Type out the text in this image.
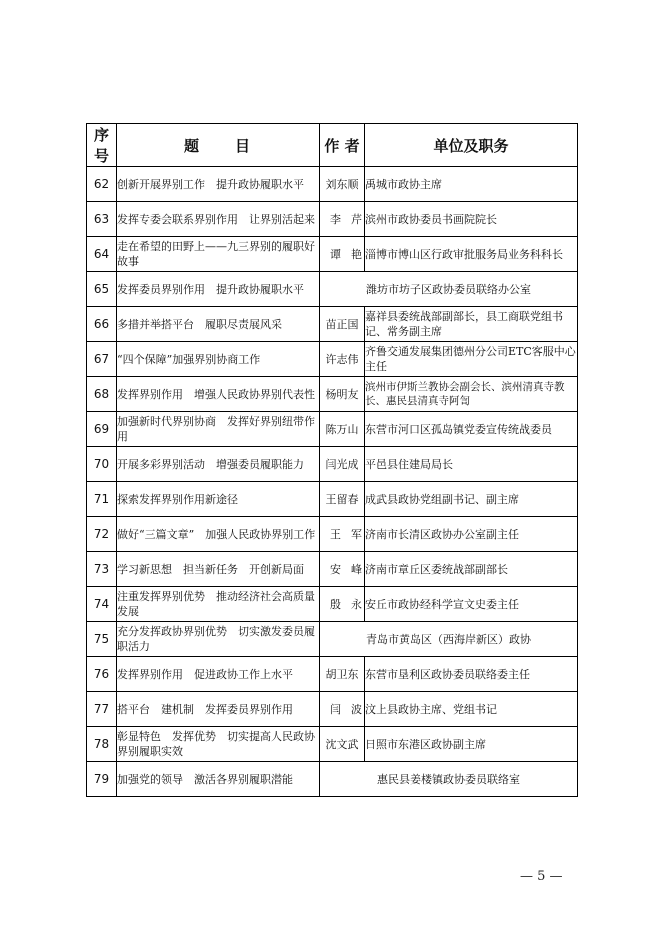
序号	题　　目	作 者	单位及职务
62	创新开展界别工作　提升政协履职水平	刘东顺	禹城市政协主席
63	发挥专委会联系界别作用　让界别活起来	李芹	滨州市政协委员书画院院长
64	走在希望的田野上——九三界别的履职好故事	谭艳	淄博市博山区行政审批服务局业务科科长
65	发挥委员界别作用　提升政协履职水平	潍坊市坊子区政协委员联络办公室	
66	多措并举搭平台　履职尽责展风采	苗正国	嘉祥县委统战部副部长，县工商联党组书记、常务副主席
67	“四个保障”加强界别协商工作	许志伟	齐鲁交通发展集团德州分公司ETC客服中心主任
68	发挥界别作用　增强人民政协界别代表性	杨明友	滨州市伊斯兰教协会副会长、滨州清真寺教长、惠民县清真寺阿訇
69	加强新时代界别协商　发挥好界别纽带作用	陈万山	东营市河口区孤岛镇党委宣传统战委员
70	开展多彩界别活动　增强委员履职能力	闫光成	平邑县住建局局长
71	探索发挥界别作用新途径	王留春	成武县政协党组副书记、副主席
72	做好“三篇文章”　加强人民政协界别工作	王军	济南市长清区政协办公室副主任
73	学习新思想　担当新任务　开创新局面	安峰	济南市章丘区委统战部副部长
74	注重发挥界别优势　推动经济社会高质量发展	殷永	安丘市政协经科学宣文史委主任
75	充分发挥政协界别优势　切实激发委员履职活力	青岛市黄岛区（西海岸新区）政协	
76	发挥界别作用　促进政协工作上水平	胡卫东	东营市垦利区政协委员联络委主任
77	搭平台　建机制　发挥委员界别作用	闫波	汶上县政协主席、党组书记
78	彰显特色　发挥优势　切实提高人民政协界别履职实效	沈文武	日照市东港区政协副主席
79	加强党的领导　激活各界别履职潜能	惠民县姜楼镇政协委员联络室	
— 5 —
